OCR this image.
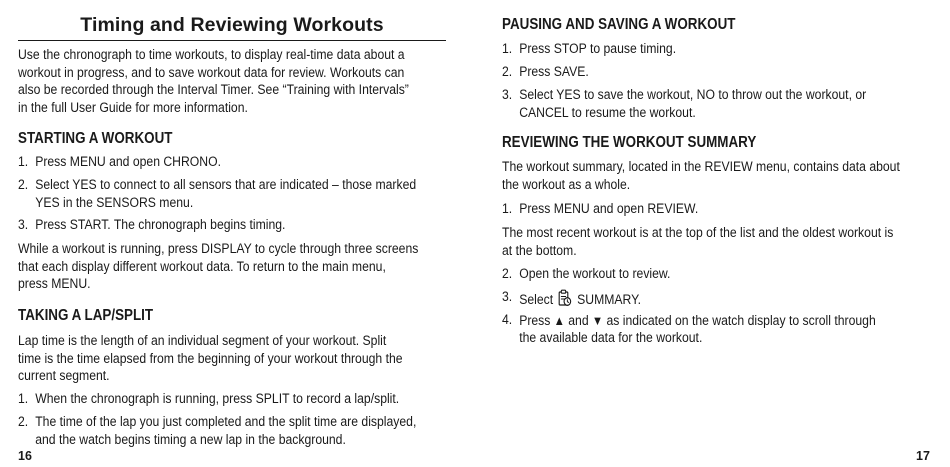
Timing and Reviewing Workouts
Use the chronograph to time workouts, to display real-time data about a
workout in progress, and to save workout data for review. Workouts can
also be recorded through the Interval Timer. See “Training with Intervals”
in the full User Guide for more information.
STARTING A WORKOUT
1. Press MENU and open CHRONO.
2. Select YES to connect to all sensors that are indicated – those marked
YES in the SENSORS menu.
3. Press START. The chronograph begins timing.
While a workout is running, press DISPLAY to cycle through three screens
that each display different workout data. To return to the main menu,
press MENU.
TAKING A LAP/SPLIT
Lap time is the length of an individual segment of your workout. Split
time is the time elapsed from the beginning of your workout through the
current segment.
1. When the chronograph is running, press SPLIT to record a lap/split.
2. The time of the lap you just completed and the split time are displayed,
and the watch begins timing a new lap in the background.
16
PAUSING AND SAVING A WORKOUT
1. Press STOP to pause timing.
2. Press SAVE.
3. Select YES to save the workout, NO to throw out the workout, or
CANCEL to resume the workout.
REVIEWING THE WORKOUT SUMMARY
The workout summary, located in the REVIEW menu, contains data about
the workout as a whole.
1. Press MENU and open REVIEW.
The most recent workout is at the top of the list and the oldest workout is
at the bottom.
2. Open the workout to review.
3. Select SUMMARY.
4. Press ▲ and ▼ as indicated on the watch display to scroll through
the available data for the workout.
17
